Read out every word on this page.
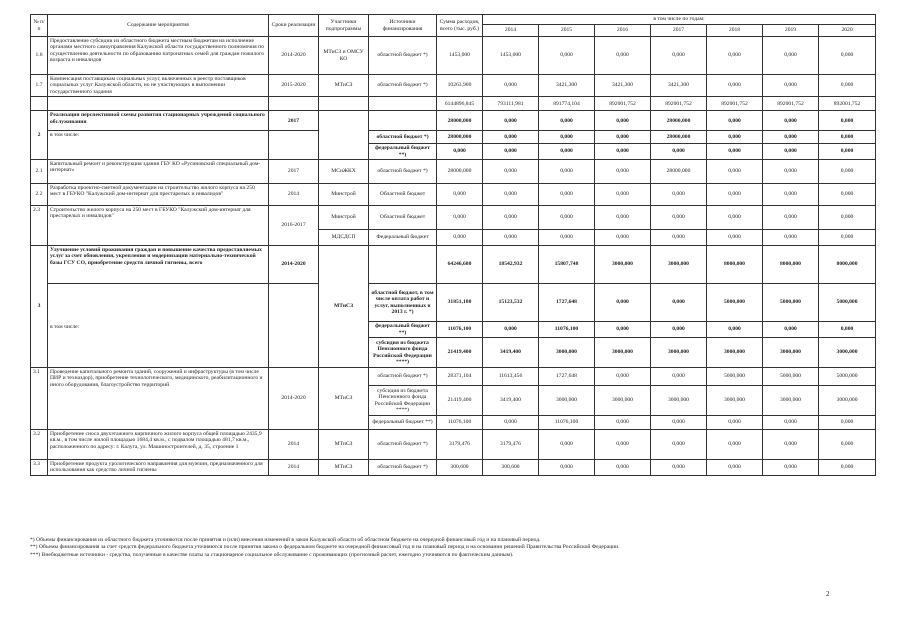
№ п/п	Содержание мероприятия	Сроки реализации	Участники подпрограммы	Источники финансирования	Сумма расходов, всего (тыс. руб.)	в том числе по годам:						
						2014	2015	2016	2017	2018	2019	2020
1.6	Предоставление субсидии из областного бюджета местным бюджетам на исполнение органами местного самоуправления Калужской области государственного полномочия по осуществлению деятельности по образованию патронатных семей для граждан пожилого возраста и инвалидов	2014-2020	МТиСЗ и ОМСУ КО	областной бюджет *)	1453,000	1453,000	0,000	0,000	0,000	0,000	0,000	0,000
1.7	Компенсация поставщикам социальных услуг, включенных в реестр поставщиков социальных услуг Калужской области, но не участвующих в выполнении государственного задания	2015-2020	МТиСЗ	областной бюджет *)	10263,900	0,000	3421,300	3421,300	3421,300	0,000	0,000	0,000
					6144896,845	793111,981	891774,104	892001,752	892001,752	892001,752	892001,752	892001,752
2	Реализация перспективной схемы развития стационарных учреждений социального обслуживания	2017			28000,000	0,000	0,000	0,000	28000,000	0,000	0,000	0,000
	в том числе:			областной бюджет *)	28000,000	0,000	0,000	0,000	28000,000	0,000	0,000	0,000
				федеральный бюджет **)	0,000	0,000	0,000	0,000	0,000	0,000	0,000	0,000
2.1	Капитальный ремонт и реконструкция здания ГБУ КО «Русиновский специальный дом-интернат»	2017	МСиЖКХ	областной бюджет *)	28000,000	0,000	0,000	0,000	28000,000	0,000	0,000	0,000
2.2	Разработка проектно-сметной документации на строительство жилого корпуса на 250 мест в ГБУКО "Калужский дом-интернат для престарелых и инвалидов"	2014	Минстрой	Областной бюджет	0,000	0,000	0,000	0,000	0,000	0,000	0,000	0,000
2.3	Строительство жилого корпуса на 250 мест в ГБУКО "Калужский дом-интернат для престарелых и инвалидов"	2016-2017	Минстрой	Областной бюджет	0,000	0,000	0,000	0,000	0,000	0,000	0,000	0,000
			МДСДСП	Федеральный бюджет	0,000	0,000	0,000	0,000	0,000	0,000	0,000	0,000
3	Улучшение условий проживания граждан и повышение качества предоставляемых услуг за счет обновления, укрепления и модернизации материально-технической базы ГСУ СО, приобретение средств личной гигиены, всего	2014-2020	МТиСЗ		64246,680	18542,932	15807,748	3000,000	3000,000	8000,000	8000,000	8000,000
	в том числе:			областной бюджет, в том числе оплата работ и услуг, выполненных в 2013 г. *)	31851,180	15123,532	1727,648	0,000	0,000	5000,000	5000,000	5000,000
				федеральный бюджет **)	11076,100	0,000	11076,100	0,000	0,000	0,000	0,000	0,000
				субсидия из бюджета Пенсионного фонда Российской Федерации ****)	21419,400	3419,400	3000,000	3000,000	3000,000	3000,000	3000,000	3000,000
3.1	Проведение капитального ремонта зданий, сооружений и инфраструктуры (в том числе ПИР и техназдор), приобретение технологического, медицинского, реабилитационного и иного оборудования, благоустройство территорий	2014-2020	МТиСЗ	областной бюджет *)	28371,104	11613,456	1727,648	0,000	0,000	5000,000	5000,000	5000,000
				субсидия из бюджета Пенсионного фонда Российской Федерации ****)	21419,400	3419,400	3000,000	3000,000	3000,000	3000,000	3000,000	3000,000
				федеральный бюджет **)	11076,100	0,000	11076,100	0,000	0,000	0,000	0,000	0,000
3.2	Приобретение сноса двухэтажного кирпичного жилого корпуса общей площадью 2435,9 кв.м., в том числе жилой площадью 1684,4 кв.м., с подвалом площадью 481,7 кв.м., расположенного по адресу: г. Калуга, ул. Машиностроителей, д. 35, строение 1	2014	МТиСЗ	областной бюджет *)	3179,476	3179,476	0,000	0,000	0,000	0,000	0,000	0,000
3.3	Приобретение продукта урологического направления для мужчин, предназначенного для использования как средство личной гигиены	2014	МТиСЗ	областной бюджет *)	300,600	300,600	0,000	0,000	0,000	0,000	0,000	0,000

*) Объемы финансирования из областного бюджета уточняются после принятия и (или) внесения изменений в закон Калужской области об областном бюджете на очередной финансовый год и на плановый период.

**) Объемы финансирования за счет средств федерального бюджета уточняются после принятия закона о федеральном бюджете на очередной финансовый год и на плановый период и на основании решений Правительства Российской Федерации.

***) Внебюджетные источники - средства, полученные в качестве платы за стационарное социальное обслуживание с проживающих (прогнозный расчет, ежегодно уточняются по фактическим данным).

2
